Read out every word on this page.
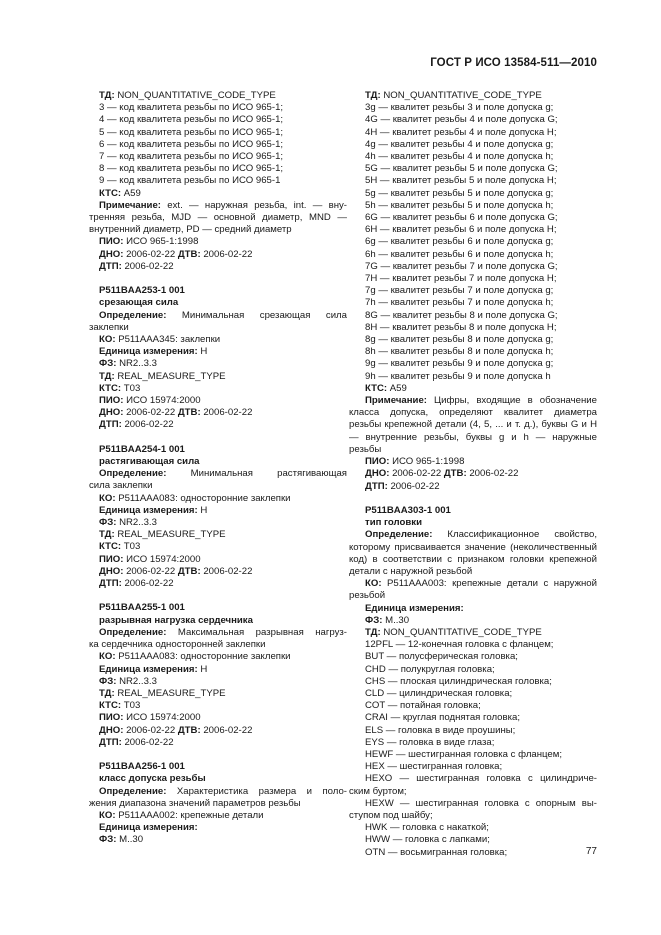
ГОСТ Р ИСО 13584-511—2010
ТД: NON_QUANTITATIVE_CODE_TYPE
3 — код квалитета резьбы по ИСО 965-1;
4 — код квалитета резьбы по ИСО 965-1;
5 — код квалитета резьбы по ИСО 965-1;
6 — код квалитета резьбы по ИСО 965-1;
7 — код квалитета резьбы по ИСО 965-1;
8 — код квалитета резьбы по ИСО 965-1;
9 — код квалитета резьбы по ИСО 965-1
КТС: A59
Примечание: ext. — наружная резьба, int. — вну-
тренняя резьба, MJD — основной диаметр, MND — внутренний диаметр, PD — средний диаметр
ПИО: ИСО 965-1:1998
ДНО: 2006-02-22 ДТВ: 2006-02-22
ДТП: 2006-02-22
P511BAA253-1 001
срезающая сила
Определение: Минимальная срезающая сила
заклепки
КО: P511AAA345: заклепки
Единица измерения: H
ФЗ: NR2..3.3
ТД: REAL_MEASURE_TYPE
КТС: T03
ПИО: ИСО 15974:2000
ДНО: 2006-02-22 ДТВ: 2006-02-22
ДТП: 2006-02-22
P511BAA254-1 001
растягивающая сила
Определение:	Минимальная растягивающая
сила заклепки
КО: P511AAA083: односторонние заклепки
Единица измерения: H
ФЗ: NR2..3.3
ТД: REAL_MEASURE_TYPE
КТС: T03
ПИО: ИСО 15974:2000
ДНО: 2006-02-22 ДТВ: 2006-02-22
ДТП: 2006-02-22
P511BAA255-1 001
разрывная нагрузка сердечника
Определение: Максимальная разрывная нагруз-
ка сердечника односторонней заклепки
КО: P511AAA083: односторонние заклепки
Единица измерения: H
ФЗ: NR2..3.3
ТД: REAL_MEASURE_TYPE
КТС: T03
ПИО: ИСО 15974:2000
ДНО: 2006-02-22 ДТВ: 2006-02-22
ДТП: 2006-02-22
P511BAA256-1 001
класс допуска резьбы
Определение: Характеристика размера и поло-
жения диапазона значений параметров резьбы
КО: P511AAA002: крепежные детали
Единица измерения:
ФЗ: M..30
ТД: NON_QUANTITATIVE_CODE_TYPE
3g — квалитет резьбы 3 и поле допуска g;
4G — квалитет резьбы 4 и поле допуска G;
4H — квалитет резьбы 4 и поле допуска H;
4g — квалитет резьбы 4 и поле допуска g;
4h — квалитет резьбы 4 и поле допуска h;
5G — квалитет резьбы 5 и поле допуска G;
5H — квалитет резьбы 5 и поле допуска H;
5g — квалитет резьбы 5 и поле допуска g;
5h — квалитет резьбы 5 и поле допуска h;
6G — квалитет резьбы 6 и поле допуска G;
6H — квалитет резьбы 6 и поле допуска H;
6g — квалитет резьбы 6 и поле допуска g;
6h — квалитет резьбы 6 и поле допуска h;
7G — квалитет резьбы 7 и поле допуска G;
7H — квалитет резьбы 7 и поле допуска H;
7g — квалитет резьбы 7 и поле допуска g;
7h — квалитет резьбы 7 и поле допуска h;
8G — квалитет резьбы 8 и поле допуска G;
8H — квалитет резьбы 8 и поле допуска H;
8g — квалитет резьбы 8 и поле допуска g;
8h — квалитет резьбы 8 и поле допуска h;
9g — квалитет резьбы 9 и поле допуска g;
9h — квалитет резьбы 9 и поле допуска h
КТС: A59
Примечание: Цифры, входящие в обозначение
класса допуска, определяют квалитет диаметра резьбы крепежной детали (4, 5, ... и т. д.), буквы G и H — внутренние резьбы, буквы g и h — наружные резьбы
ПИО: ИСО 965-1:1998
ДНО: 2006-02-22 ДТВ: 2006-02-22
ДТП: 2006-02-22
P511BAA303-1 001
тип головки
Определение: Классификационное свойство,
которому присваивается значение (неколичественный код) в соответствии с признаком головки крепежной детали с наружной резьбой
КО: P511AAA003: крепежные детали с наружной
резьбой
Единица измерения:
ФЗ: M..30
ТД: NON_QUANTITATIVE_CODE_TYPE
12PFL — 12-конечная головка с фланцем;
BUT — полусферическая головка;
CHD — полукруглая головка;
CHS — плоская цилиндрическая головка;
CLD — цилиндрическая головка;
COT — потайная головка;
CRAI — круглая поднятая головка;
ELS — головка в виде проушины;
EYS — головка в виде глаза;
HEWF — шестигранная головка с фланцем;
HEX — шестигранная головка;
HEXO — шестигранная головка с цилиндриче-
ским буртом;
HEXW — шестигранная головка с опорным вы-
ступом под шайбу;
HWK — головка с накаткой;
HWW — головка с лапками;
OTN — восьмигранная головка;	77
